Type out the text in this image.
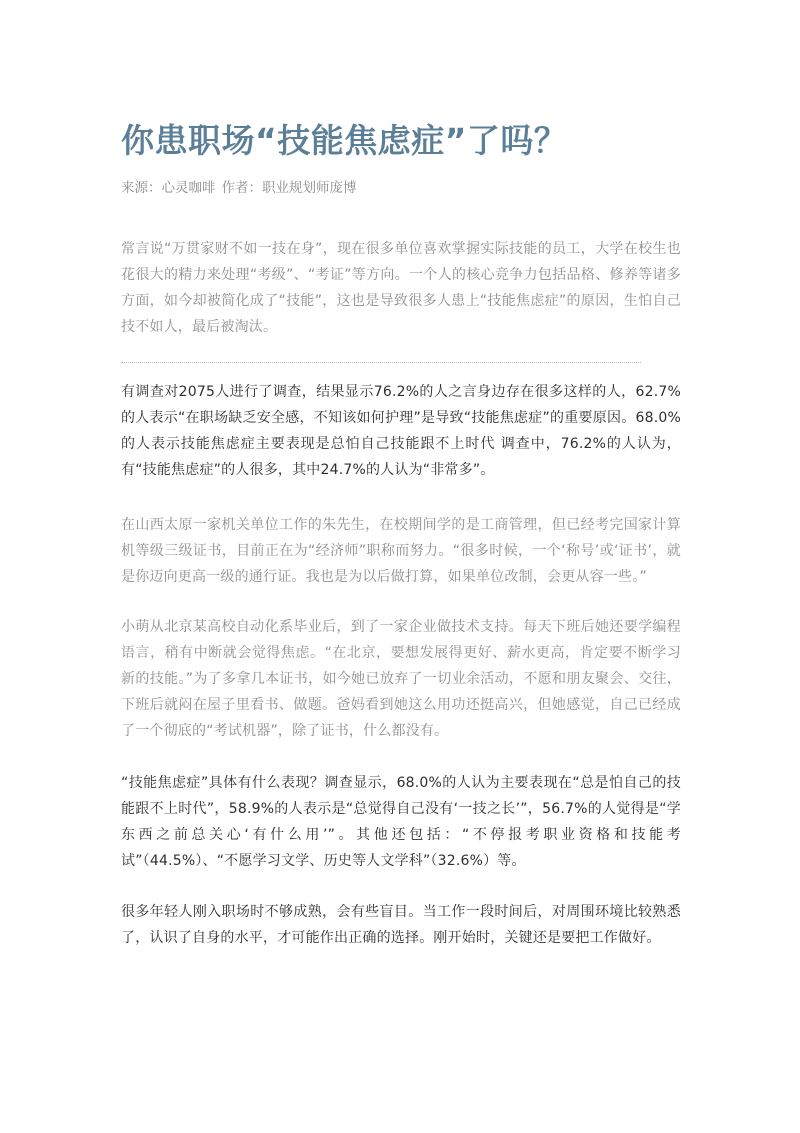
你患职场“技能焦虑症”了吗？
来源：心灵咖啡 作者：职业规划师庞博

常言说“万贯家财不如一技在身”，现在很多单位喜欢掌握实际技能的员工，大学在校生也花很大的精力来处理“考级”、“考证”等方向。一个人的核心竞争力包括品格、修养等诸多方面，如今却被简化成了“技能”，这也是导致很多人患上“技能焦虑症”的原因，生怕自己技不如人，最后被淘汰。

有调查对2075人进行了调查，结果显示76.2%的人之言身边存在很多这样的人，62.7%的人表示“在职场缺乏安全感，不知该如何护理”是导致“技能焦虑症”的重要原因。68.0%的人表示技能焦虑症主要表现是总怕自己技能跟不上时代 调查中，76.2%的人认为，有“技能焦虑症”的人很多，其中24.7%的人认为“非常多”。

在山西太原一家机关单位工作的朱先生，在校期间学的是工商管理，但已经考完国家计算机等级三级证书，目前正在为“经济师”职称而努力。“很多时候，一个‘称号’或‘证书’，就是你迈向更高一级的通行证。我也是为以后做打算，如果单位改制，会更从容一些。”

小萌从北京某高校自动化系毕业后，到了一家企业做技术支持。每天下班后她还要学编程语言，稍有中断就会觉得焦虑。“在北京，要想发展得更好、薪水更高，肯定要不断学习新的技能。”为了多拿几本证书，如今她已放弃了一切业余活动，不愿和朋友聚会、交往，下班后就闷在屋子里看书、做题。爸妈看到她这么用功还挺高兴，但她感觉，自己已经成了一个彻底的“考试机器”，除了证书，什么都没有。

“技能焦虑症”具体有什么表现？调查显示，68.0%的人认为主要表现在“总是怕自己的技能跟不上时代”，58.9%的人表示是“总觉得自己没有‘一技之长’”，56.7%的人觉得是“学东西之前总关心‘有什么用’”。其他还包括：“不停报考职业资格和技能考试”（44.5%）、“不愿学习文学、历史等人文学科”（32.6%）等。

很多年轻人刚入职场时不够成熟，会有些盲目。当工作一段时间后，对周围环境比较熟悉了，认识了自身的水平，才可能作出正确的选择。刚开始时，关键还是要把工作做好。
